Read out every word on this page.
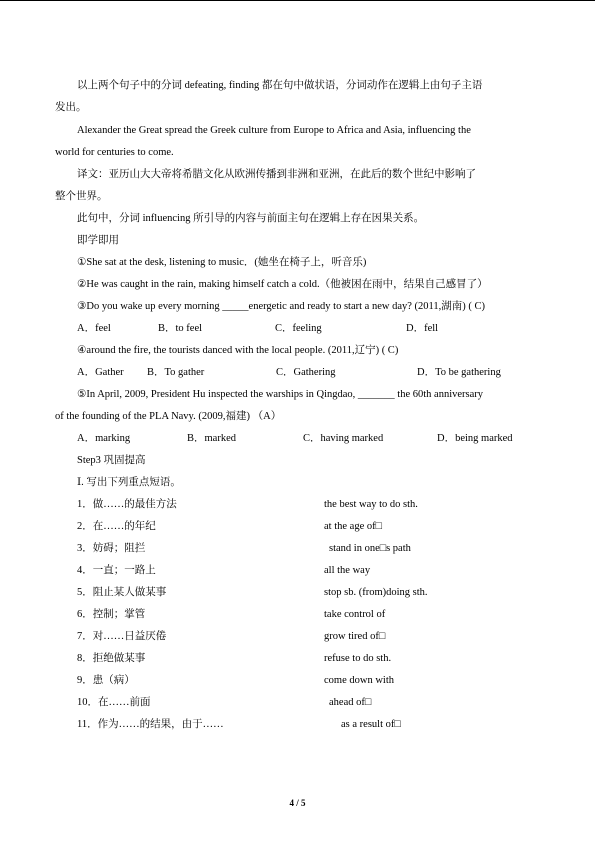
以上两个句子中的分词 defeating, finding 都在句中做状语，分词动作在逻辑上由句子主语
发出。
Alexander the Great spread the Greek culture from Europe to Africa and Asia, influencing the
world for centuries to come.
译文：亚历山大大帝将希腊文化从欧洲传播到非洲和亚洲，在此后的数个世纪中影响了
整个世界。
此句中，分词 influencing 所引导的内容与前面主句在逻辑上存在因果关系。
即学即用
①She sat at the desk, listening to music．(她坐在椅子上，听音乐)
②He was caught in the rain, making himself catch a cold.（他被困在雨中，结果自己感冒了）
③Do you wake up every morning _____energetic and ready to start a new day? (2011,湖南) ( C)
A．feel	B．to feel	C．feeling	D．fell
④around the fire, the tourists danced with the local people. (2011,辽宁) ( C)
A．Gather B．To gather	C．Gathering	D．To be gathering
⑤In April, 2009, President Hu inspected the warships in Qingdao, _______ the 60th anniversary
of the founding of the PLA Navy. (2009,福建) （A）
A．marking	B．marked	C．having marked	D．being marked
Step3 巩固提高
Ⅰ. 写出下列重点短语。
1．做……的最佳方法	the best way to do sth.
2．在……的年纪	at the age of□
3．妨碍；阻拦	stand in one□s path
4．一直；一路上	all the way
5．阻止某人做某事	stop sb. (from)doing sth.
6．控制；掌管	take control of
7．对……日益厌倦	grow tired of□
8．拒绝做某事	refuse to do sth.
9．患（病）	come down with
10．在……前面	ahead of□
11．作为……的结果，由于……	as a result of□
4 / 5
